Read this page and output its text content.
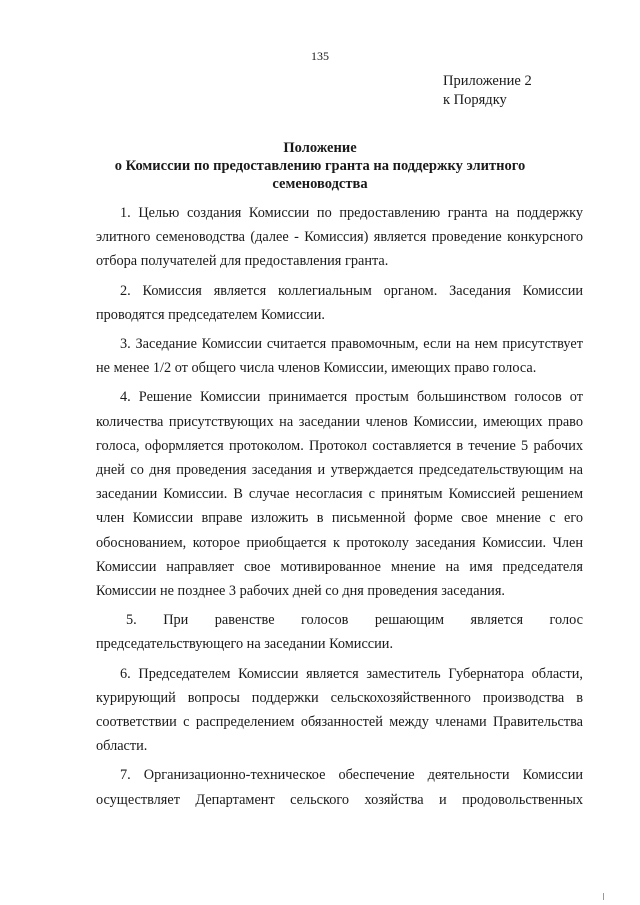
135
Приложение 2
к Порядку
Положение
о Комиссии по предоставлению гранта на поддержку элитного
семеноводства

1. Целью создания Комиссии по предоставлению гранта на поддержку элитного семеноводства (далее - Комиссия) является проведение конкурсного отбора получателей для предоставления гранта.

2. Комиссия является коллегиальным органом. Заседания Комиссии проводятся председателем Комиссии.

3. Заседание Комиссии считается правомочным, если на нем присутствует не менее 1/2 от общего числа членов Комиссии, имеющих право голоса.

4. Решение Комиссии принимается простым большинством голосов от количества присутствующих на заседании членов Комиссии, имеющих право голоса, оформляется протоколом. Протокол составляется в течение 5 рабочих дней со дня проведения заседания и утверждается председательствующим на заседании Комиссии. В случае несогласия с принятым Комиссией решением член Комиссии вправе изложить в письменной форме свое мнение с его обоснованием, которое приобщается к протоколу заседания Комиссии. Член Комиссии направляет свое мотивированное мнение на имя председателя Комиссии не позднее 3 рабочих дней со дня проведения заседания.

5. При равенстве голосов решающим является голос председательствующего на заседании Комиссии.

6. Председателем Комиссии является заместитель Губернатора области, курирующий вопросы поддержки сельскохозяйственного производства в соответствии с распределением обязанностей между членами Правительства области.

7. Организационно-техническое обеспечение деятельности Комиссии осуществляет Департамент сельского хозяйства и продовольственных
